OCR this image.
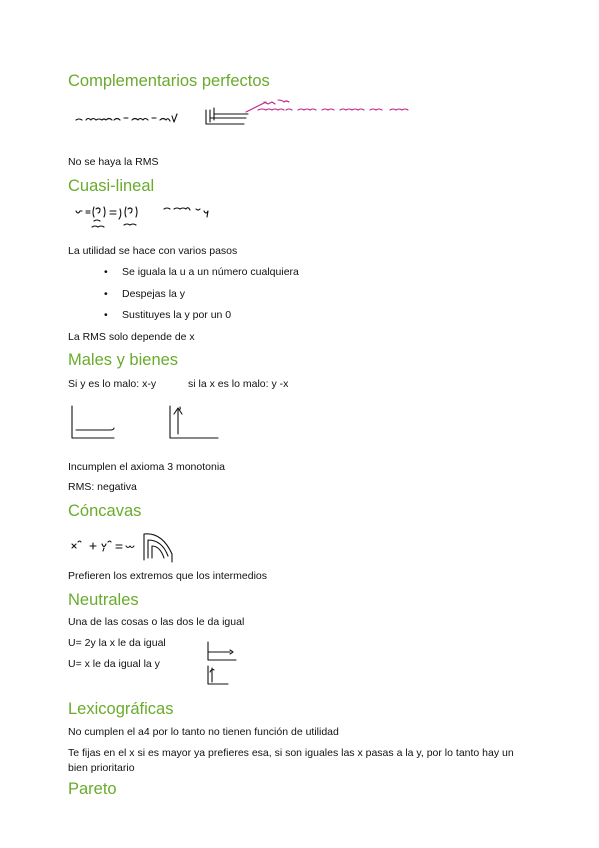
Complementarios perfectos

No se haya la RMS

Cuasi-lineal

La utilidad se hace con varios pasos

• Se iguala la u a un número cualquiera
• Despejas la y
• Sustituyes la y por un 0

La RMS solo depende de x

Males y bienes

Si y es lo malo: x-y	si la x es lo malo: y -x

Incumplen el axioma 3 monotonia

RMS: negativa

Cóncavas

Prefieren los extremos que los intermedios

Neutrales

Una de las cosas o las dos le da igual

U= 2y la x le da igual

U= x le da igual la y

Lexicográficas

No cumplen el a4 por lo tanto no tienen función de utilidad

Te fijas en el x si es mayor ya prefieres esa, si son iguales las x pasas a la y, por lo tanto hay un bien prioritario

Pareto
